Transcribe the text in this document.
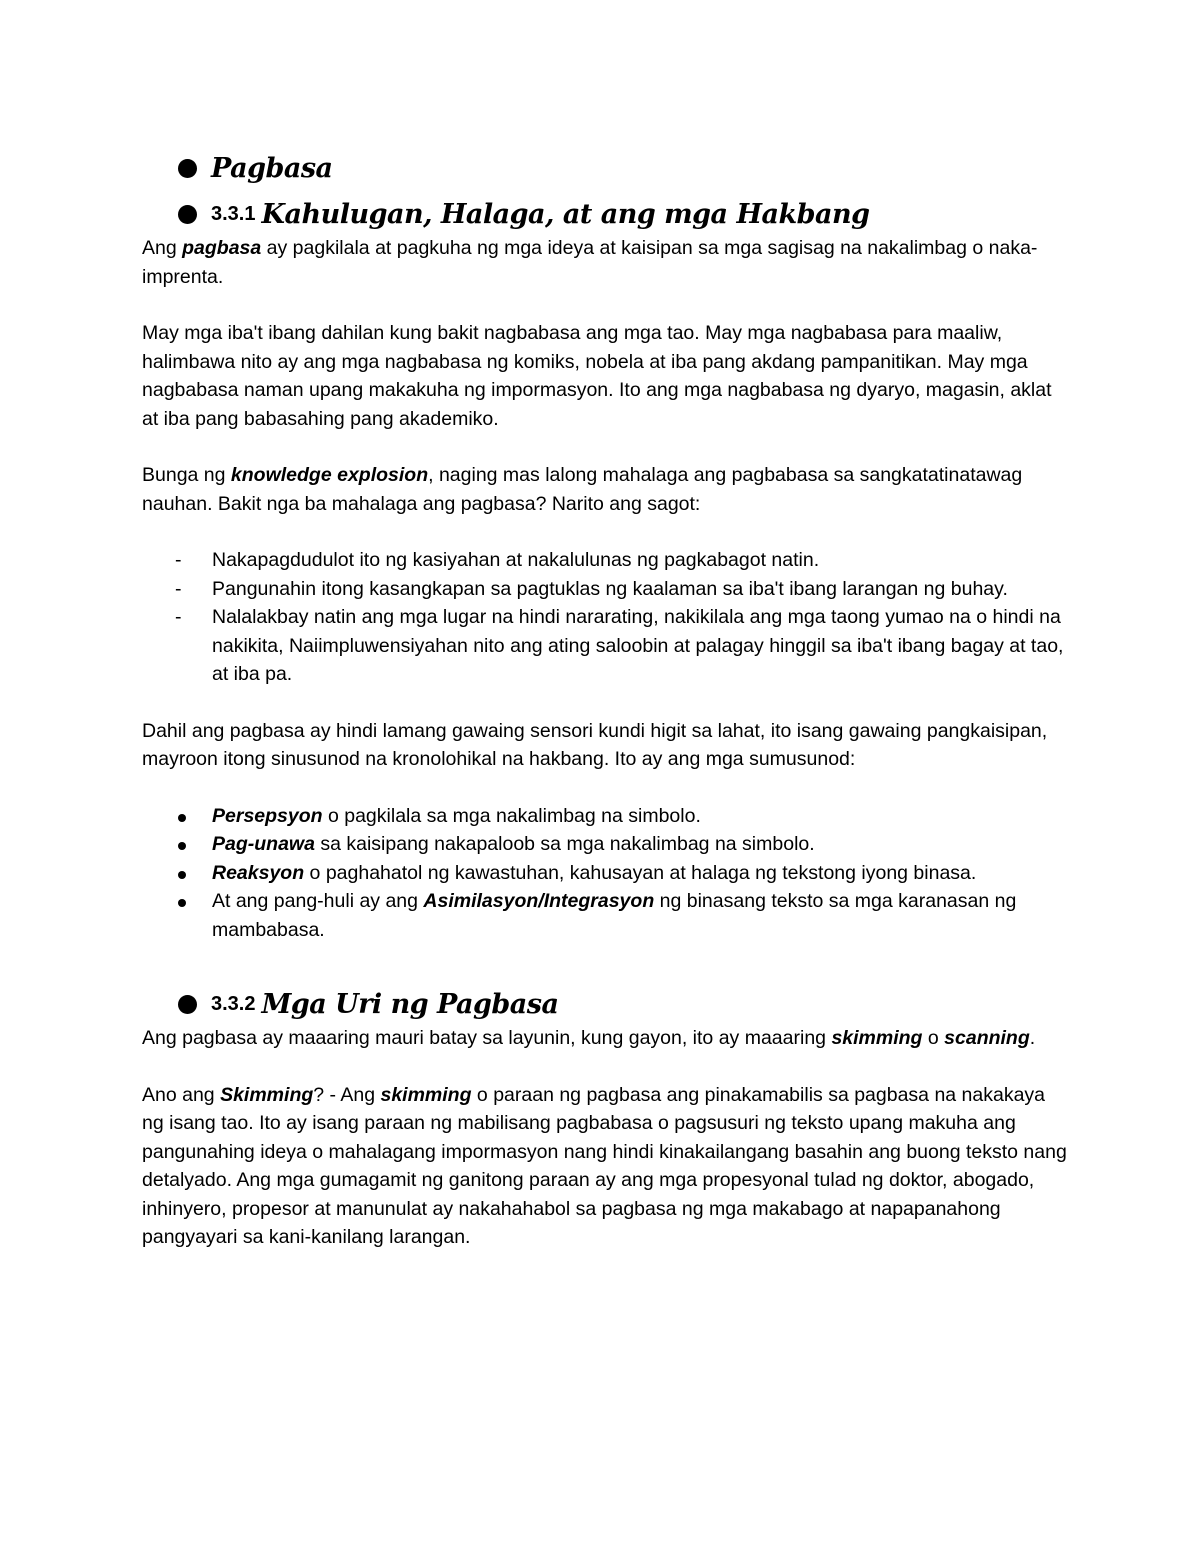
Pagbasa
3.3.1 Kahulugan, Halaga, at ang mga Hakbang

Ang pagbasa ay pagkilala at pagkuha ng mga ideya at kaisipan sa mga sagisag na nakalimbag o naka-imprenta.

May mga iba't ibang dahilan kung bakit nagbabasa ang mga tao. May mga nagbabasa para maaliw, halimbawa nito ay ang mga nagbabasa ng komiks, nobela at iba pang akdang pampanitikan. May mga nagbabasa naman upang makakuha ng impormasyon. Ito ang mga nagbabasa ng dyaryo, magasin, aklat at iba pang babasahing pang akademiko.

Bunga ng knowledge explosion, naging mas lalong mahalaga ang pagbabasa sa sangkatatinatawag nauhan. Bakit nga ba mahalaga ang pagbasa? Narito ang sagot:

- Nakapagdudulot ito ng kasiyahan at nakalulunas ng pagkabagot natin.
- Pangunahin itong kasangkapan sa pagtuklas ng kaalaman sa iba't ibang larangan ng buhay.
- Nalalakbay natin ang mga lugar na hindi nararating, nakikilala ang mga taong yumao na o hindi na nakikita, Naiimpluwensiyahan nito ang ating saloobin at palagay hinggil sa iba't ibang bagay at tao, at iba pa.

Dahil ang pagbasa ay hindi lamang gawaing sensori kundi higit sa lahat, ito isang gawaing pangkaisipan, mayroon itong sinusunod na kronolohikal na hakbang. Ito ay ang mga sumusunod:

Persepsyon o pagkilala sa mga nakalimbag na simbolo.
Pag-unawa sa kaisipang nakapaloob sa mga nakalimbag na simbolo.
Reaksyon o paghahatol ng kawastuhan, kahusayan at halaga ng tekstong iyong binasa.
At ang pang-huli ay ang Asimilasyon/Integrasyon ng binasang teksto sa mga karanasan ng mambabasa.
3.3.2 Mga Uri ng Pagbasa

Ang pagbasa ay maaaring mauri batay sa layunin, kung gayon, ito ay maaaring skimming o scanning.

Ano ang Skimming? - Ang skimming o paraan ng pagbasa ang pinakamabilis sa pagbasa na nakakaya ng isang tao. Ito ay isang paraan ng mabilisang pagbabasa o pagsusuri ng teksto upang makuha ang pangunahing ideya o mahalagang impormasyon nang hindi kinakailangang basahin ang buong teksto nang detalyado. Ang mga gumagamit ng ganitong paraan ay ang mga propesyonal tulad ng doktor, abogado, inhinyero, propesor at manunulat ay nakahahabol sa pagbasa ng mga makabago at napapanahong pangyayari sa kani-kanilang larangan.
